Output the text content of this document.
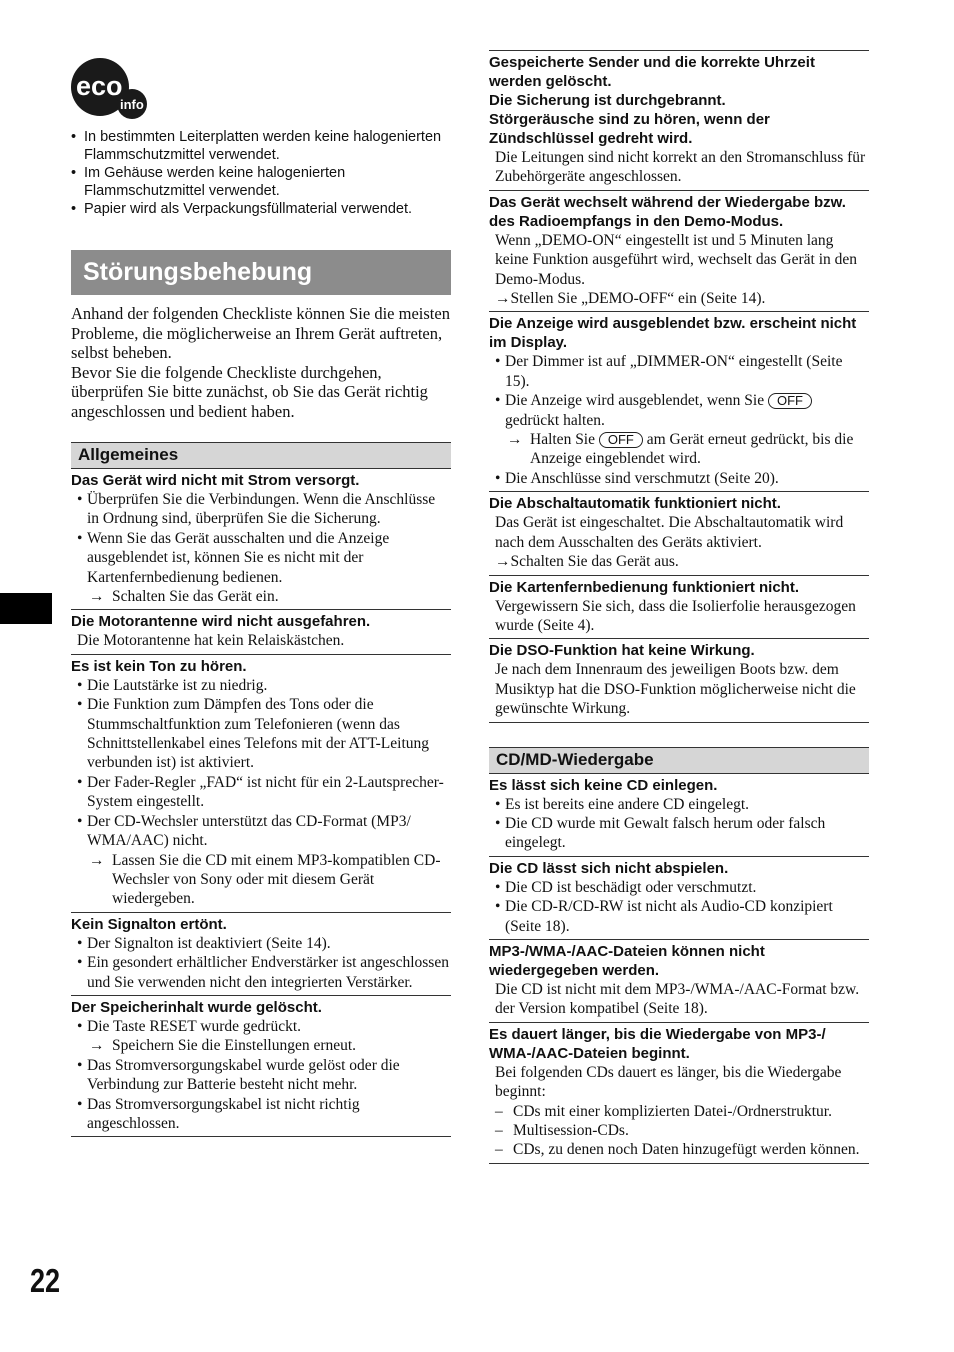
eco
info
• In bestimmten Leiterplatten werden keine halogenierten Flammschutzmittel verwendet.
• Im Gehäuse werden keine halogenierten Flammschutzmittel verwendet.
• Papier wird als Verpackungsfüllmaterial verwendet.
Störungsbehebung

Anhand der folgenden Checkliste können Sie die meisten Probleme, die möglicherweise an Ihrem Gerät auftreten, selbst beheben.

Bevor Sie die folgende Checkliste durchgehen, überprüfen Sie bitte zunächst, ob Sie das Gerät richtig angeschlossen und bedient haben.

Allgemeines
Das Gerät wird nicht mit Strom versorgt.
• Überprüfen Sie die Verbindungen. Wenn die Anschlüsse in Ordnung sind, überprüfen Sie die Sicherung.
• Wenn Sie das Gerät ausschalten und die Anzeige ausgeblendet ist, können Sie es nicht mit der Kartenfernbedienung bedienen.
→ Schalten Sie das Gerät ein.
Die Motorantenne wird nicht ausgefahren.
Die Motorantenne hat kein Relaiskästchen.
Es ist kein Ton zu hören.
• Die Lautstärke ist zu niedrig.
• Die Funktion zum Dämpfen des Tons oder die Stummschaltfunktion zum Telefonieren (wenn das Schnittstellenkabel eines Telefons mit der ATT-Leitung verbunden ist) ist aktiviert.
• Der Fader-Regler „FAD“ ist nicht für ein 2-Lautsprecher-System eingestellt.
• Der CD-Wechsler unterstützt das CD-Format (MP3/ WMA/AAC) nicht.
→ Lassen Sie die CD mit einem MP3-kompatiblen CD-Wechsler von Sony oder mit diesem Gerät wiedergeben.
Kein Signalton ertönt.
• Der Signalton ist deaktiviert (Seite 14).
• Ein gesondert erhältlicher Endverstärker ist angeschlossen und Sie verwenden nicht den integrierten Verstärker.
Der Speicherinhalt wurde gelöscht.
• Die Taste RESET wurde gedrückt.
→ Speichern Sie die Einstellungen erneut.
• Das Stromversorgungskabel wurde gelöst oder die Verbindung zur Batterie besteht nicht mehr.
• Das Stromversorgungskabel ist nicht richtig angeschlossen.
Gespeicherte Sender und die korrekte Uhrzeit werden gelöscht.
Die Sicherung ist durchgebrannt.
Störgeräusche sind zu hören, wenn der Zündschlüssel gedreht wird.
Die Leitungen sind nicht korrekt an den Stromanschluss für Zubehörgeräte angeschlossen.
Das Gerät wechselt während der Wiedergabe bzw. des Radioempfangs in den Demo-Modus.
Wenn „DEMO-ON“ eingestellt ist und 5 Minuten lang keine Funktion ausgeführt wird, wechselt das Gerät in den Demo-Modus.
→Stellen Sie „DEMO-OFF“ ein (Seite 14).
Die Anzeige wird ausgeblendet bzw. erscheint nicht im Display.
• Der Dimmer ist auf „DIMMER-ON“ eingestellt (Seite 15).
• Die Anzeige wird ausgeblendet, wenn Sie OFF
gedrückt halten.
→ Halten Sie OFF am Gerät erneut gedrückt, bis die Anzeige eingeblendet wird.
• Die Anschlüsse sind verschmutzt (Seite 20).
Die Abschaltautomatik funktioniert nicht.
Das Gerät ist eingeschaltet. Die Abschaltautomatik wird nach dem Ausschalten des Geräts aktiviert.
→Schalten Sie das Gerät aus.
Die Kartenfernbedienung funktioniert nicht.
Vergewissern Sie sich, dass die Isolierfolie herausgezogen wurde (Seite 4).
Die DSO-Funktion hat keine Wirkung.
Je nach dem Innenraum des jeweiligen Boots bzw. dem Musiktyp hat die DSO-Funktion möglicherweise nicht die gewünschte Wirkung.
CD/MD-Wiedergabe
Es lässt sich keine CD einlegen.
• Es ist bereits eine andere CD eingelegt.
• Die CD wurde mit Gewalt falsch herum oder falsch eingelegt.
Die CD lässt sich nicht abspielen.
• Die CD ist beschädigt oder verschmutzt.
• Die CD-R/CD-RW ist nicht als Audio-CD konzipiert (Seite 18).
MP3-/WMA-/AAC-Dateien können nicht wiedergegeben werden.
Die CD ist nicht mit dem MP3-/WMA-/AAC-Format bzw. der Version kompatibel (Seite 18).
Es dauert länger, bis die Wiedergabe von MP3-/ WMA-/AAC-Dateien beginnt.
Bei folgenden CDs dauert es länger, bis die Wiedergabe beginnt:
– CDs mit einer komplizierten Datei-/Ordnerstruktur.
– Multisession-CDs.
– CDs, zu denen noch Daten hinzugefügt werden können.
22
